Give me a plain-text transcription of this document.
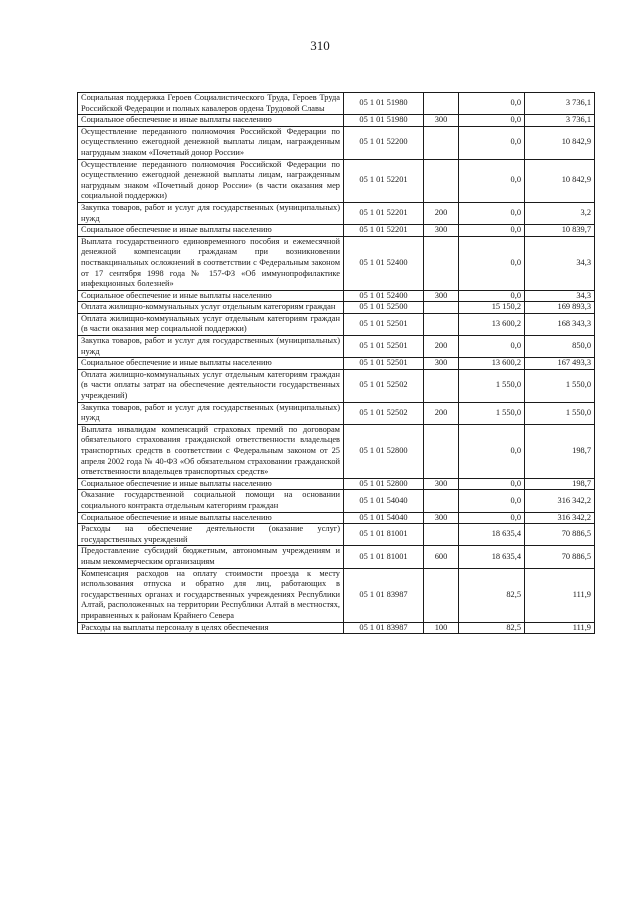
310
Социальная поддержка Героев Социалистического Труда, Героев Труда Российской Федерации и полных кавалеров ордена Трудовой Славы	05 1 01 51980		0,0	3 736,1
Социальное обеспечение и иные выплаты населению	05 1 01 51980	300	0,0	3 736,1
Осуществление переданного полномочия Российской Федерации по осуществлению ежегодной денежной выплаты лицам, награжденным нагрудным знаком «Почетный донор России»	05 1 01 52200		0,0	10 842,9
Осуществление переданного полномочия Российской Федерации по осуществлению ежегодной денежной выплаты лицам, награжденным нагрудным знаком «Почетный донор России» (в части оказания мер социальной поддержки)	05 1 01 52201		0,0	10 842,9
Закупка товаров, работ и услуг для государственных (муниципальных) нужд	05 1 01 52201	200	0,0	3,2
Социальное обеспечение и иные выплаты населению	05 1 01 52201	300	0,0	10 839,7
Выплата государственного единовременного пособия и ежемесячной денежной компенсации гражданам при возникновении поствакцинальных осложнений в соответствии с Федеральным законом от 17 сентября 1998 года № 157-ФЗ «Об иммунопрофилактике инфекционных болезней»	05 1 01 52400		0,0	34,3
Социальное обеспечение и иные выплаты населению	05 1 01 52400	300	0,0	34,3
Оплата жилищно-коммунальных услуг отдельным категориям граждан	05 1 01 52500		15 150,2	169 893,3
Оплата жилищно-коммунальных услуг отдельным категориям граждан (в части оказания мер социальной поддержки)	05 1 01 52501		13 600,2	168 343,3
Закупка товаров, работ и услуг для государственных (муниципальных) нужд	05 1 01 52501	200	0,0	850,0
Социальное обеспечение и иные выплаты населению	05 1 01 52501	300	13 600,2	167 493,3
Оплата жилищно-коммунальных услуг отдельным категориям граждан (в части оплаты затрат на обеспечение деятельности государственных учреждений)	05 1 01 52502		1 550,0	1 550,0
Закупка товаров, работ и услуг для государственных (муниципальных) нужд	05 1 01 52502	200	1 550,0	1 550,0
Выплата инвалидам компенсаций страховых премий по договорам обязательного страхования гражданской ответственности владельцев транспортных средств в соответствии с Федеральным законом от 25 апреля 2002 года № 40-ФЗ «Об обязательном страховании гражданской ответственности владельцев транспортных средств»	05 1 01 52800		0,0	198,7
Социальное обеспечение и иные выплаты населению	05 1 01 52800	300	0,0	198,7
Оказание государственной социальной помощи на основании социального контракта отдельным категориям граждан	05 1 01 54040		0,0	316 342,2
Социальное обеспечение и иные выплаты населению	05 1 01 54040	300	0,0	316 342,2
Расходы на обеспечение деятельности (оказание услуг) государственных учреждений	05 1 01 81001		18 635,4	70 886,5
Предоставление субсидий бюджетным, автономным учреждениям и иным некоммерческим организациям	05 1 01 81001	600	18 635,4	70 886,5
Компенсация расходов на оплату стоимости проезда к месту использования отпуска и обратно для лиц, работающих в государственных органах и государственных учреждениях Республики Алтай, расположенных на территории Республики Алтай в местностях, приравненных к районам Крайнего Севера	05 1 01 83987		82,5	111,9
Расходы на выплаты персоналу в целях обеспечения	05 1 01 83987	100	82,5	111,9
